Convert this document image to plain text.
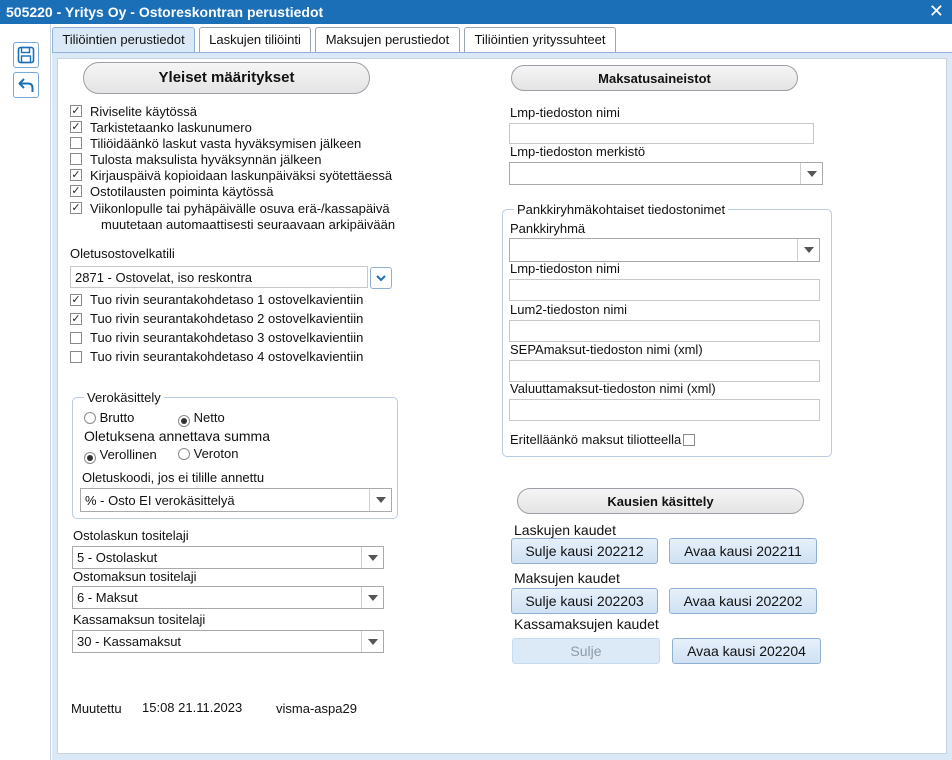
505220 - Yritys Oy - Ostoreskontran perustiedot	✕
Tiliöintien perustiedot	Laskujen tiliöinti	Maksujen perustiedot	Tiliöintien yrityssuhteet
Yleiset määritykset
✓ Riviselite käytössä
✓ Tarkistetaanko laskunumero
Tiliöidäänkö laskut vasta hyväksymisen jälkeen
Tulosta maksulista hyväksynnän jälkeen
✓ Kirjauspäivä kopioidaan laskunpäiväksi syötettäessä
✓ Ostotilausten poiminta käytössä
✓ Viikonlopulle tai pyhäpäivälle osuva erä-/kassapäivä
muutetaan automaattisesti seuraavaan arkipäivään
Oletusostovelkatili
2871 - Ostovelat, iso reskontra
✓ Tuo rivin seurantakohdetaso 1 ostovelkavientiin
✓ Tuo rivin seurantakohdetaso 2 ostovelkavientiin
Tuo rivin seurantakohdetaso 3 ostovelkavientiin
Tuo rivin seurantakohdetaso 4 ostovelkavientiin
Verokäsittely
Brutto	Netto
Oletuksena annettava summa
Verollinen	Veroton
Oletuskoodi, jos ei tilille annettu
% - Osto EI verokäsittelyä
Ostolaskun tositelaji
5 - Ostolaskut
Ostomaksun tositelaji
6 - Maksut
Kassamaksun tositelaji
30 - Kassamaksut
Muutettu 15:08 21.11.2023	visma-aspa29
Maksatusaineistot
Lmp-tiedoston nimi
Lmp-tiedoston merkistö
Pankkiryhmäkohtaiset tiedostonimet
Pankkiryhmä
Lmp-tiedoston nimi
Lum2-tiedoston nimi
SEPAmaksut-tiedoston nimi (xml)
Valuuttamaksut-tiedoston nimi (xml)
Eritelläänkö maksut tiliotteella
Kausien käsittely
Laskujen kaudet
Sulje kausi 202212	Avaa kausi 202211
Maksujen kaudet
Sulje kausi 202203	Avaa kausi 202202
Kassamaksujen kaudet
Sulje	Avaa kausi 202204
